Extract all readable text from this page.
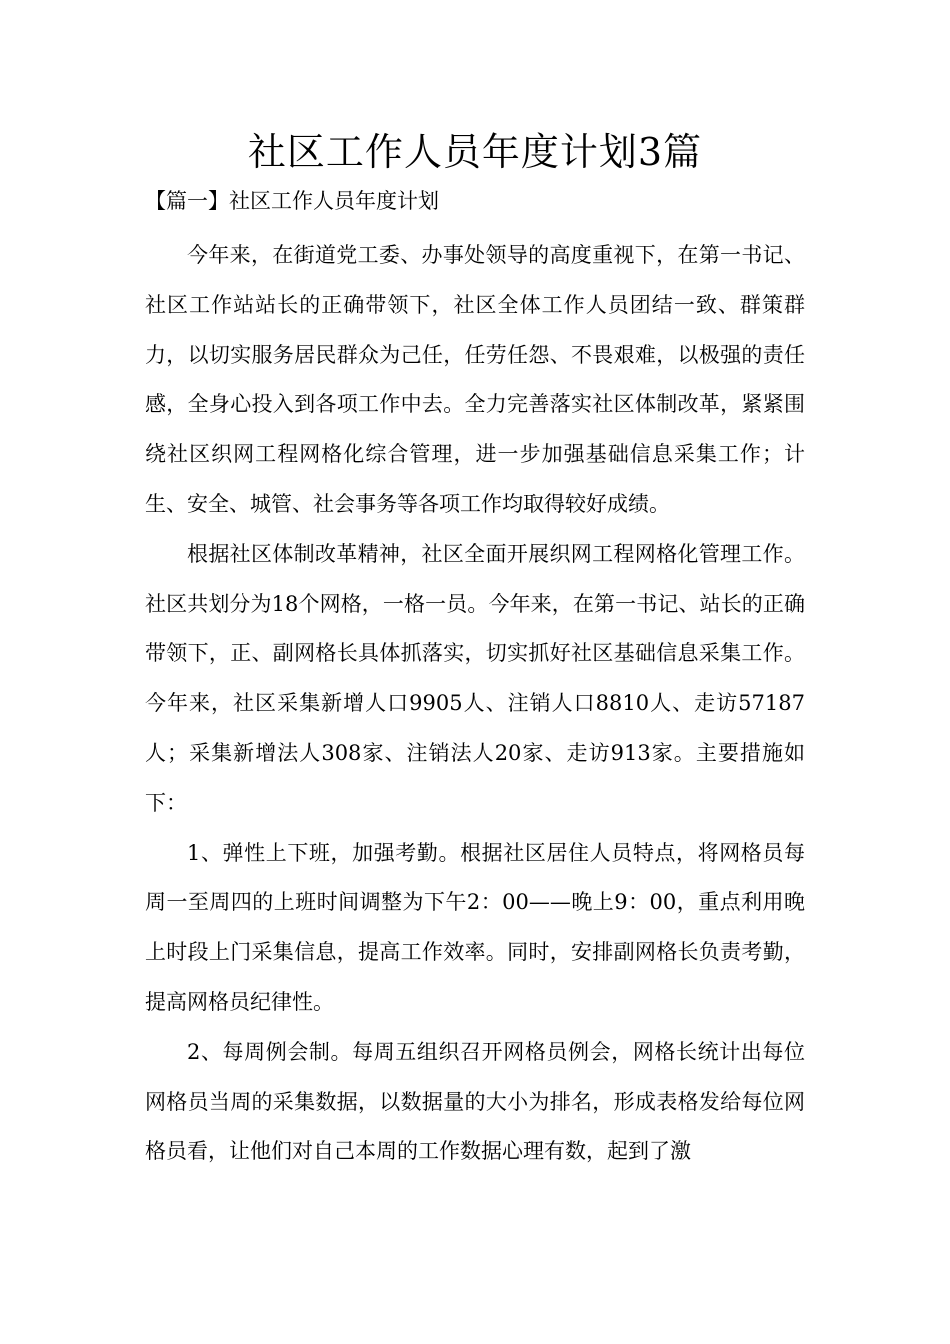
社区工作人员年度计划3篇
【篇一】社区工作人员年度计划

今年来，在街道党工委、办事处领导的高度重视下，在第一书记、社区工作站站长的正确带领下，社区全体工作人员团结一致、群策群力，以切实服务居民群众为己任，任劳任怨、不畏艰难，以极强的责任感，全身心投入到各项工作中去。全力完善落实社区体制改革，紧紧围绕社区织网工程网格化综合管理，进一步加强基础信息采集工作；计生、安全、城管、社会事务等各项工作均取得较好成绩。

根据社区体制改革精神，社区全面开展织网工程网格化管理工作。社区共划分为18个网格，一格一员。今年来，在第一书记、站长的正确带领下，正、副网格长具体抓落实，切实抓好社区基础信息采集工作。今年来，社区采集新增人口9905人、注销人口8810人、走访57187人；采集新增法人308家、注销法人20家、走访913家。主要措施如下：

1、弹性上下班，加强考勤。根据社区居住人员特点，将网格员每周一至周四的上班时间调整为下午2：00——晚上9：00，重点利用晚上时段上门采集信息，提高工作效率。同时，安排副网格长负责考勤，提高网格员纪律性。

2、每周例会制。每周五组织召开网格员例会，网格长统计出每位网格员当周的采集数据，以数据量的大小为排名，形成表格发给每位网格员看，让他们对自己本周的工作数据心理有数，起到了激
